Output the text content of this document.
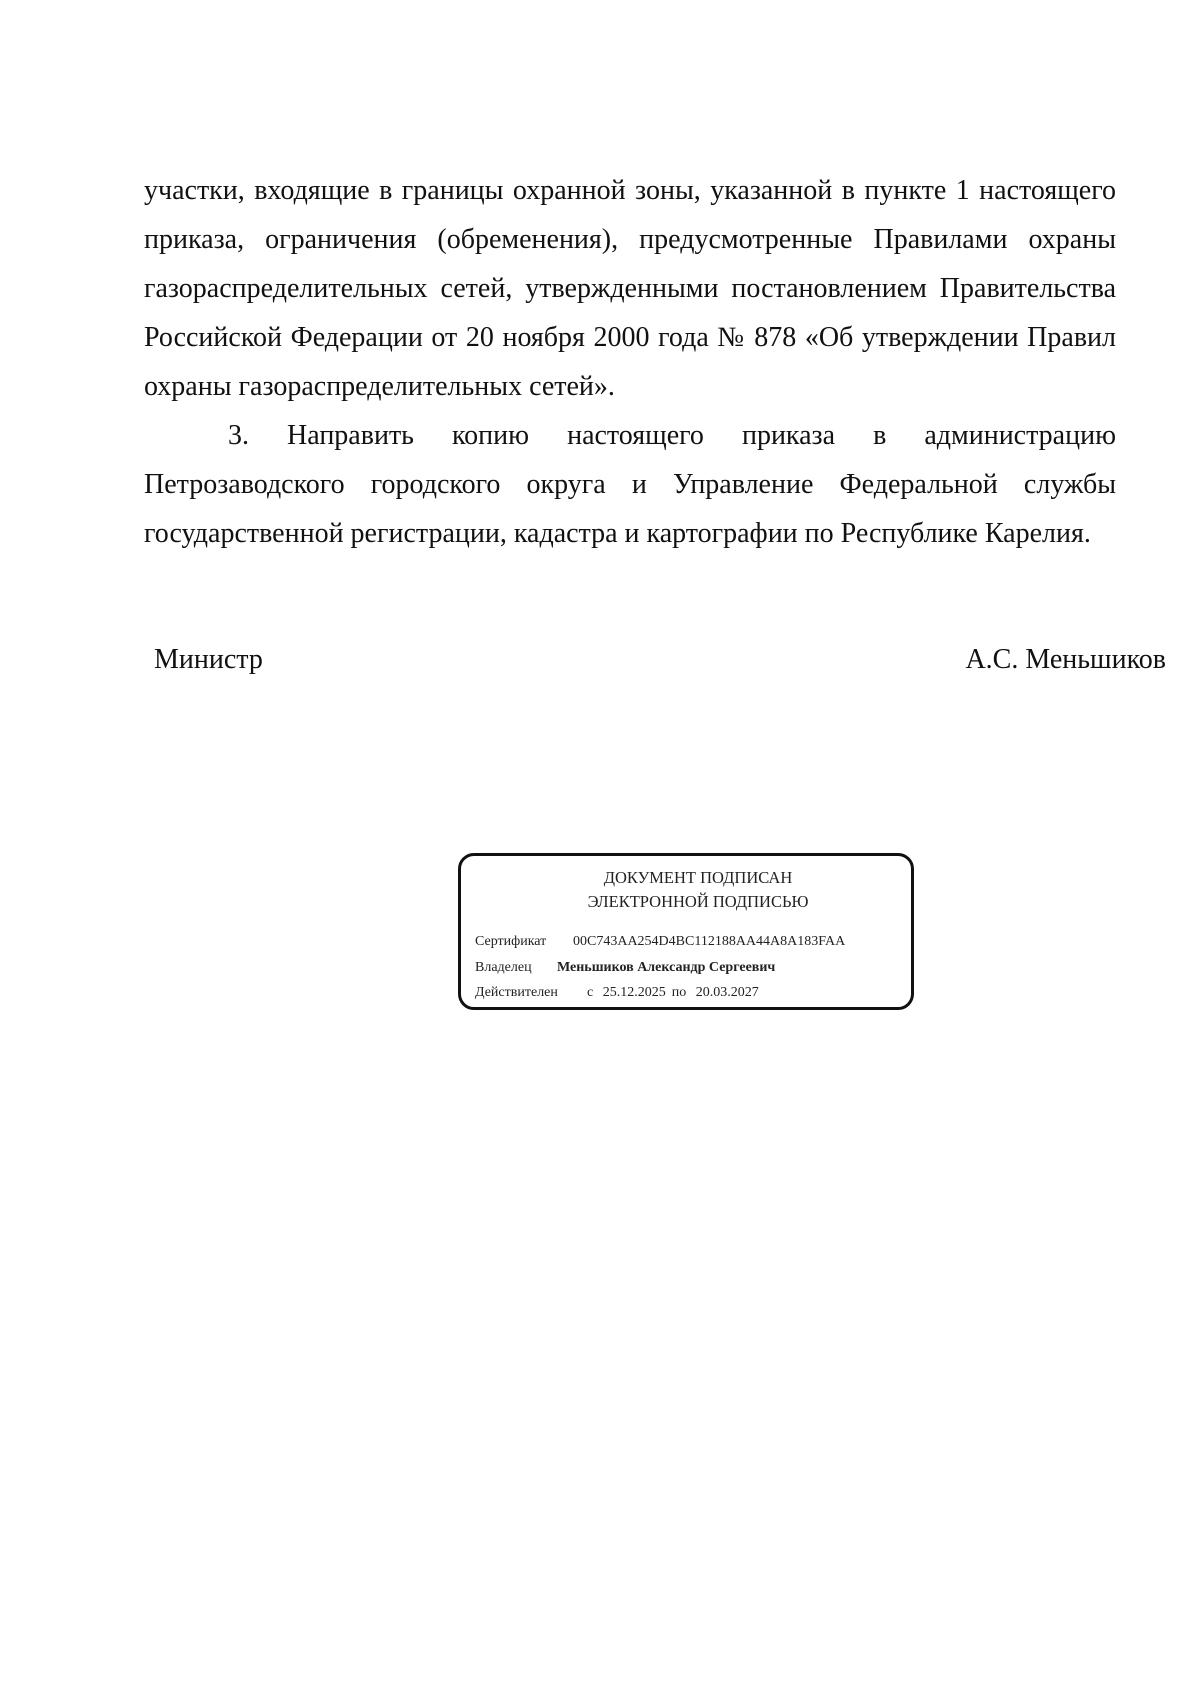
участки, входящие в границы охранной зоны, указанной в пункте 1 настоящего приказа, ограничения (обременения), предусмотренные Правилами охраны газораспределительных сетей, утвержденными постановлением Правительства Российской Федерации от 20 ноября 2000 года № 878 «Об утверждении Правил охраны газораспределительных сетей».

3. Направить копию настоящего приказа в администрацию Петрозаводского городского округа и Управление Федеральной службы государственной регистрации, кадастра и картографии по Республике Карелия.

Министр	А.С. Меньшиков
ДОКУМЕНТ ПОДПИСАН
ЭЛЕКТРОННОЙ ПОДПИСЬЮ
Сертификат 00C743AA254D4BC112188AA44A8A183FAA
Владелец Меньшиков Александр Сергеевич
Действителен с 25.12.2025 по 20.03.2027
